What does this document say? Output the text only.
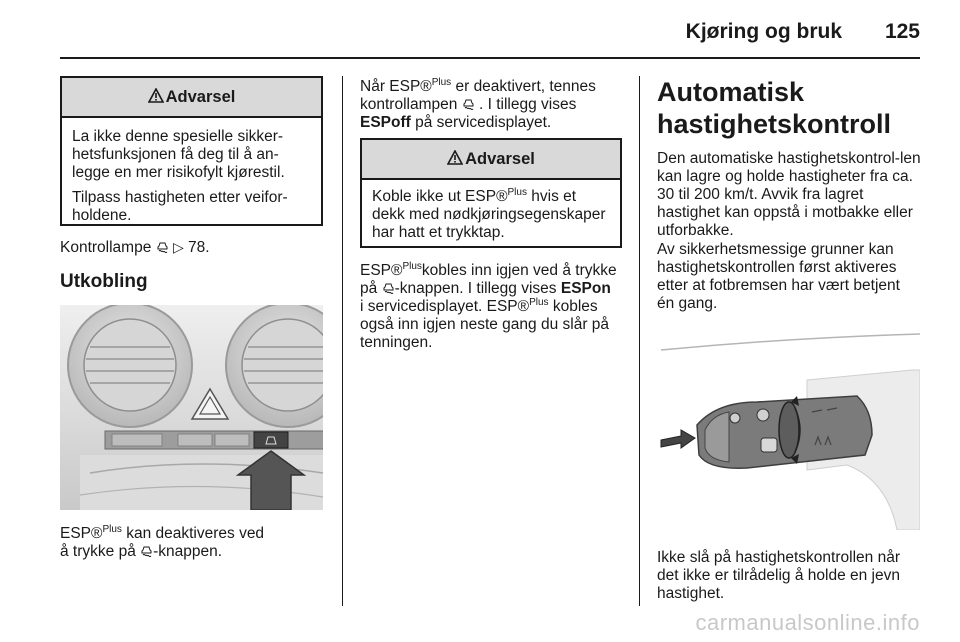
Kjøring og bruk 125
Advarsel

La ikke denne spesielle sikker-hetsfunksjonen få deg til å an-legge en mer risikofylt kjørestil.

Tilpass hastigheten etter veifor-holdene.

Kontrollampe ▷ 78.
Utkobling
ESP®$^{Plus}$ kan deaktiveres ved
å trykke på -knappen.
Når ESP®$^{Plus}$ er deaktivert, tennes
kontrollampen . I tillegg vises
ESPoff på servicedisplayet.
Advarsel
Koble ikke ut ESP®$^{Plus}$ hvis et
dekk med nødkjøringsegenskaper
har hatt et trykktap.
ESP®$^{Plus}$kobles inn igjen ved å trykke
på -knappen. I tillegg vises ESPon
i servicedisplayet. ESP®$^{Plus}$ kobles
også inn igjen neste gang du slår på
tenningen.
Automatisk
hastighetskontroll
Den automatiske hastighetskontrol-len kan lagre og holde hastigheter fra ca. 30 til 200 km/t. Avvik fra lagret hastighet kan oppstå i motbakke eller utforbakke.
Av sikkerhetsmessige grunner kan hastighetskontrollen først aktiveres etter at fotbremsen har vært betjent én gang.
Ikke slå på hastighetskontrollen når det ikke er tilrådelig å holde en jevn hastighet.
carmanualsonline.info
